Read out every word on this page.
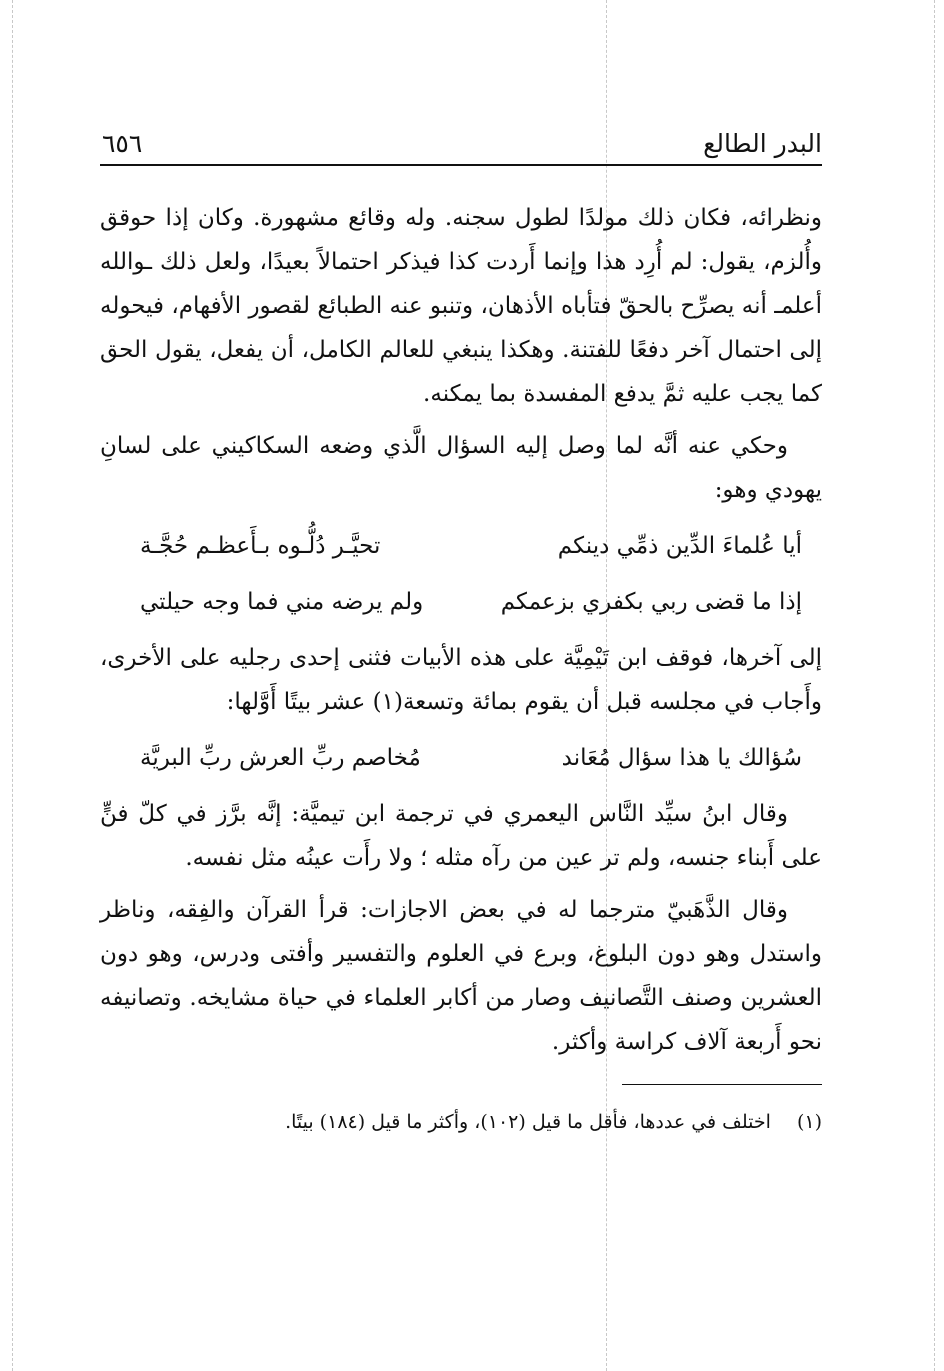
البدر الطالع
٦٥٦

ونظرائه، فكان ذلك مولدًا لطول سجنه. وله وقائع مشهورة. وكان إذا حوقق وأُلزم، يقول: لم أُرِد هذا وإنما أَردت كذا فيذكر احتمالاً بعيدًا، ولعل ذلك ـوالله أعلمـ أنه يصرِّح بالحقّ فتأباه الأذهان، وتنبو عنه الطبائع لقصور الأفهام، فيحوله إلى احتمال آخر دفعًا للفتنة. وهكذا ينبغي للعالم الكامل، أن يفعل، يقول الحق كما يجب عليه ثمَّ يدفع المفسدة بما يمكنه.

وحكي عنه أنَّه لما وصل إليه السؤال الَّذي وضعه السكاكيني على لسانِ يهودي وهو:

أيا عُلماءَ الدِّين ذمِّي دينكم
تحيَّـر دُلُّـوه بـأَعظـم حُجَّـة
إذا ما قضى ربي بكفري بزعمكم
ولم يرضه مني فما وجه حيلتي

إلى آخرها، فوقف ابن تَيْمِيَّة على هذه الأبيات فثنى إحدى رجليه على الأخرى، وأَجاب في مجلسه قبل أن يقوم بمائة وتسعة(١) عشر بيتًا أَوَّلها:

سُؤالك يا هذا سؤال مُعَاند
مُخاصم ربِّ العرش ربِّ البريَّة

وقال ابنُ سيِّد النَّاس اليعمري في ترجمة ابن تيميَّة: إنَّه برَّز في كلّ فنٍّ على أَبناء جنسه، ولم تر عين من رآه مثله ؛ ولا رأَت عينُه مثل نفسه.

وقال الذَّهَبيّ مترجما له في بعض الاجازات: قرأ القرآن والفِقه، وناظر واستدل وهو دون البلوغ، وبرع في العلوم والتفسير وأفتى ودرس، وهو دون العشرين وصنف التَّصانيف وصار من أكابر العلماء في حياة مشايخه. وتصانيفه نحو أَربعة آلاف كراسة وأكثر.

(١) اختلف في عددها، فأقل ما قيل (١٠٢)، وأكثر ما قيل (١٨٤) بيتًا.
